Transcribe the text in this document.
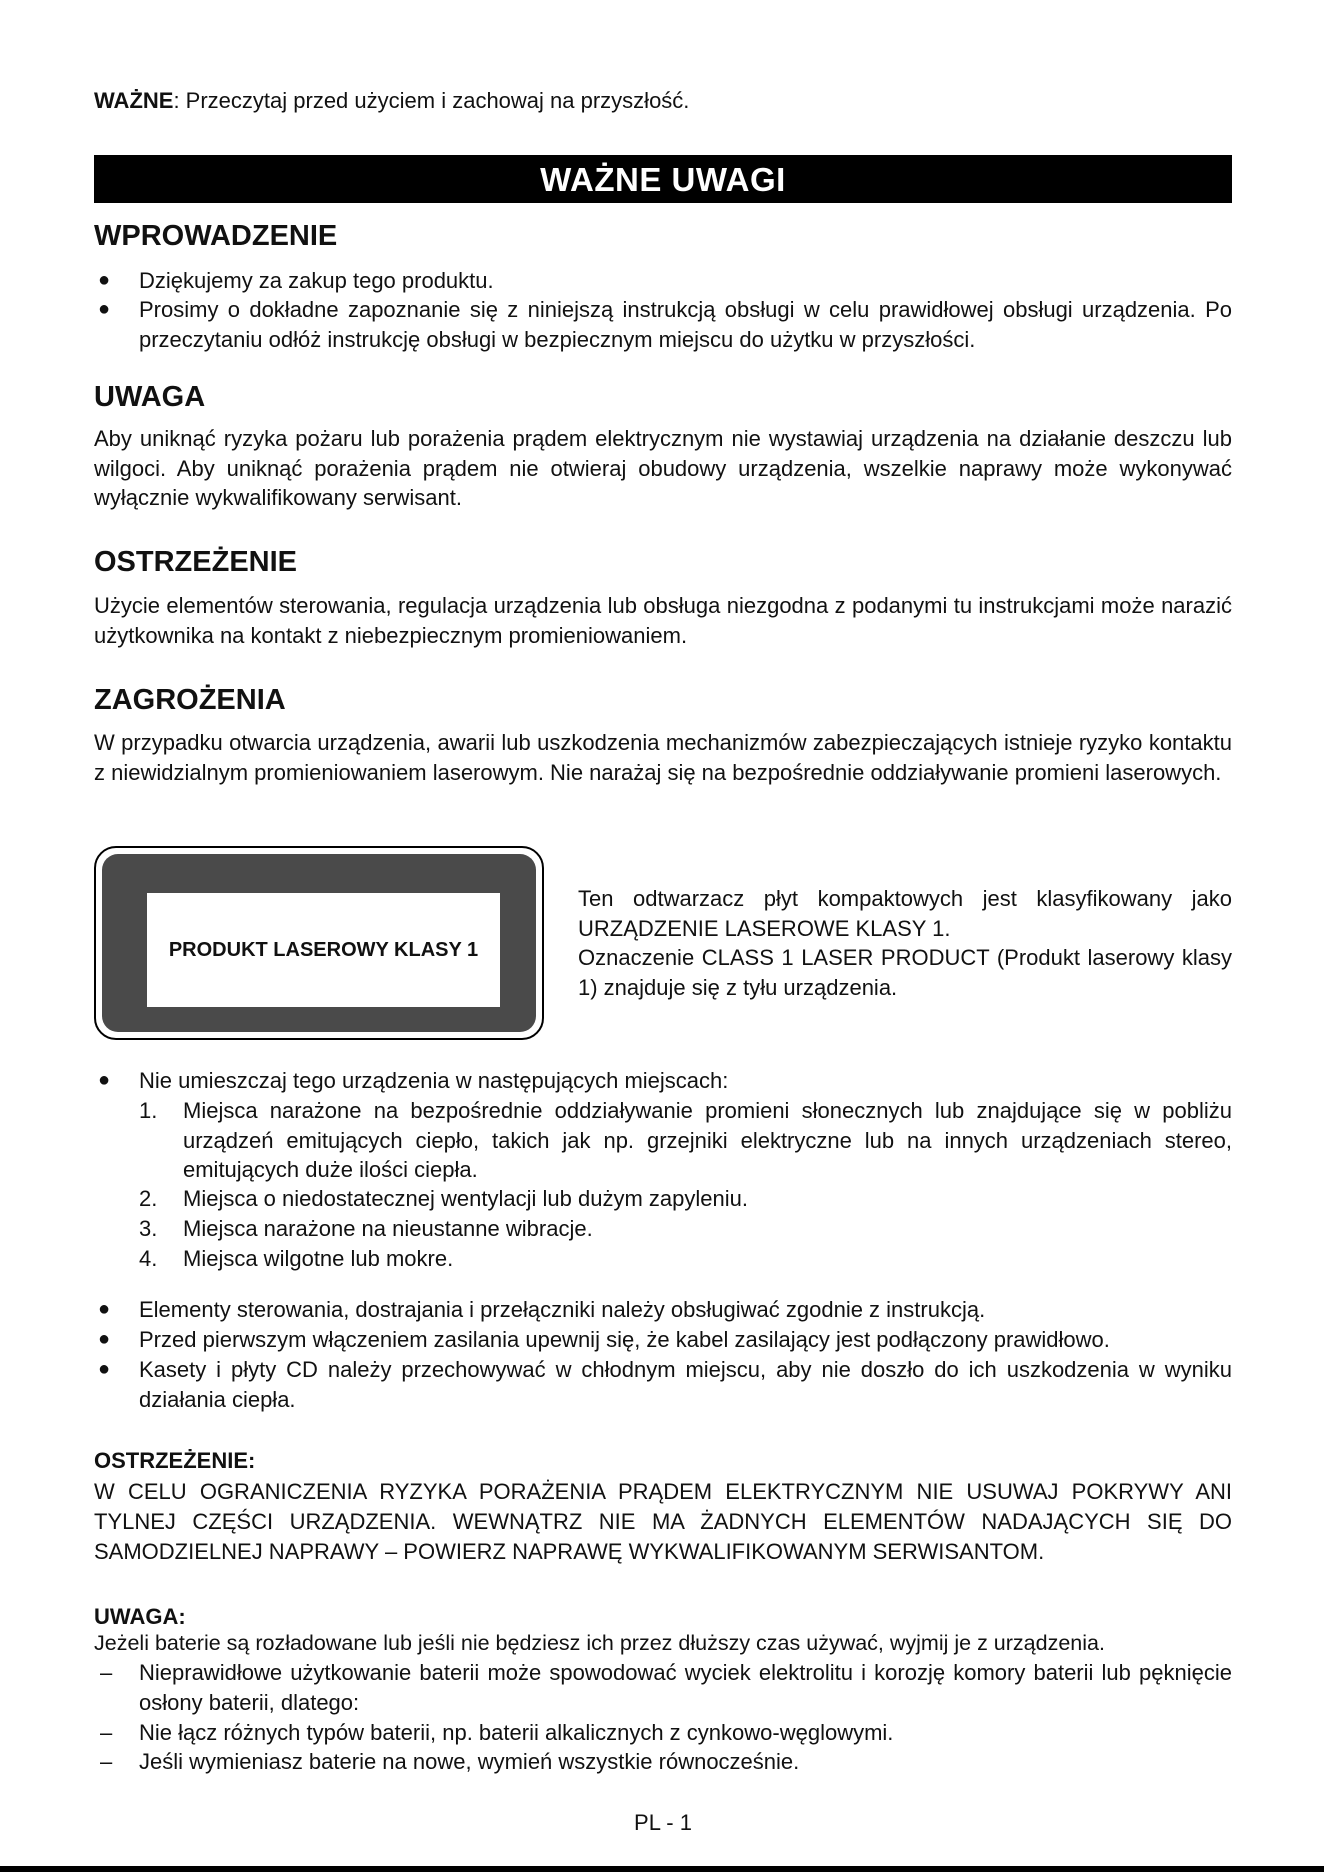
WAŻNE: Przeczytaj przed użyciem i zachowaj na przyszłość.
WAŻNE UWAGI
WPROWADZENIE
● Dziękujemy za zakup tego produktu.
● Prosimy o dokładne zapoznanie się z niniejszą instrukcją obsługi w celu prawidłowej obsługi urządzenia. Po przeczytaniu odłóż instrukcję obsługi w bezpiecznym miejscu do użytku w przyszłości.
UWAGA
Aby uniknąć ryzyka pożaru lub porażenia prądem elektrycznym nie wystawiaj urządzenia na działanie deszczu lub wilgoci. Aby uniknąć porażenia prądem nie otwieraj obudowy urządzenia, wszelkie naprawy może wykonywać wyłącznie wykwalifikowany serwisant.
OSTRZEŻENIE
Użycie elementów sterowania, regulacja urządzenia lub obsługa niezgodna z podanymi tu instrukcjami może narazić użytkownika na kontakt z niebezpiecznym promieniowaniem.
ZAGROŻENIA
W przypadku otwarcia urządzenia, awarii lub uszkodzenia mechanizmów zabezpieczających istnieje ryzyko kontaktu z niewidzialnym promieniowaniem laserowym. Nie narażaj się na bezpośrednie oddziaływanie promieni laserowych.
PRODUKT LASEROWY KLASY 1
Ten odtwarzacz płyt kompaktowych jest klasyfikowany jako URZĄDZENIE LASEROWE KLASY 1.
Oznaczenie CLASS 1 LASER PRODUCT (Produkt laserowy klasy 1) znajduje się z tyłu urządzenia.
● Nie umieszczaj tego urządzenia w następujących miejscach:
1.	Miejsca narażone na bezpośrednie oddziaływanie promieni słonecznych lub znajdujące się w pobliżu urządzeń emitujących ciepło, takich jak np. grzejniki elektryczne lub na innych urządzeniach stereo, emitujących duże ilości ciepła.
2.	Miejsca o niedostatecznej wentylacji lub dużym zapyleniu.
3.	Miejsca narażone na nieustanne wibracje.
4.	Miejsca wilgotne lub mokre.
● Elementy sterowania, dostrajania i przełączniki należy obsługiwać zgodnie z instrukcją.
● Przed pierwszym włączeniem zasilania upewnij się, że kabel zasilający jest podłączony prawidłowo.
● Kasety i płyty CD należy przechowywać w chłodnym miejscu, aby nie doszło do ich uszkodzenia w wyniku działania ciepła.
OSTRZEŻENIE:
W CELU OGRANICZENIA RYZYKA PORAŻENIA PRĄDEM ELEKTRYCZNYM NIE USUWAJ POKRYWY ANI TYLNEJ CZĘŚCI URZĄDZENIA. WEWNĄTRZ NIE MA ŻADNYCH ELEMENTÓW NADAJĄCYCH SIĘ DO SAMODZIELNEJ NAPRAWY – POWIERZ NAPRAWĘ WYKWALIFIKOWANYM SERWISANTOM.
UWAGA:
Jeżeli baterie są rozładowane lub jeśli nie będziesz ich przez dłuższy czas używać, wyjmij je z urządzenia.
– Nieprawidłowe użytkowanie baterii może spowodować wyciek elektrolitu i korozję komory baterii lub pęknięcie osłony baterii, dlatego:
– Nie łącz różnych typów baterii, np. baterii alkalicznych z cynkowo-węglowymi.
– Jeśli wymieniasz baterie na nowe, wymień wszystkie równocześnie.
PL - 1
